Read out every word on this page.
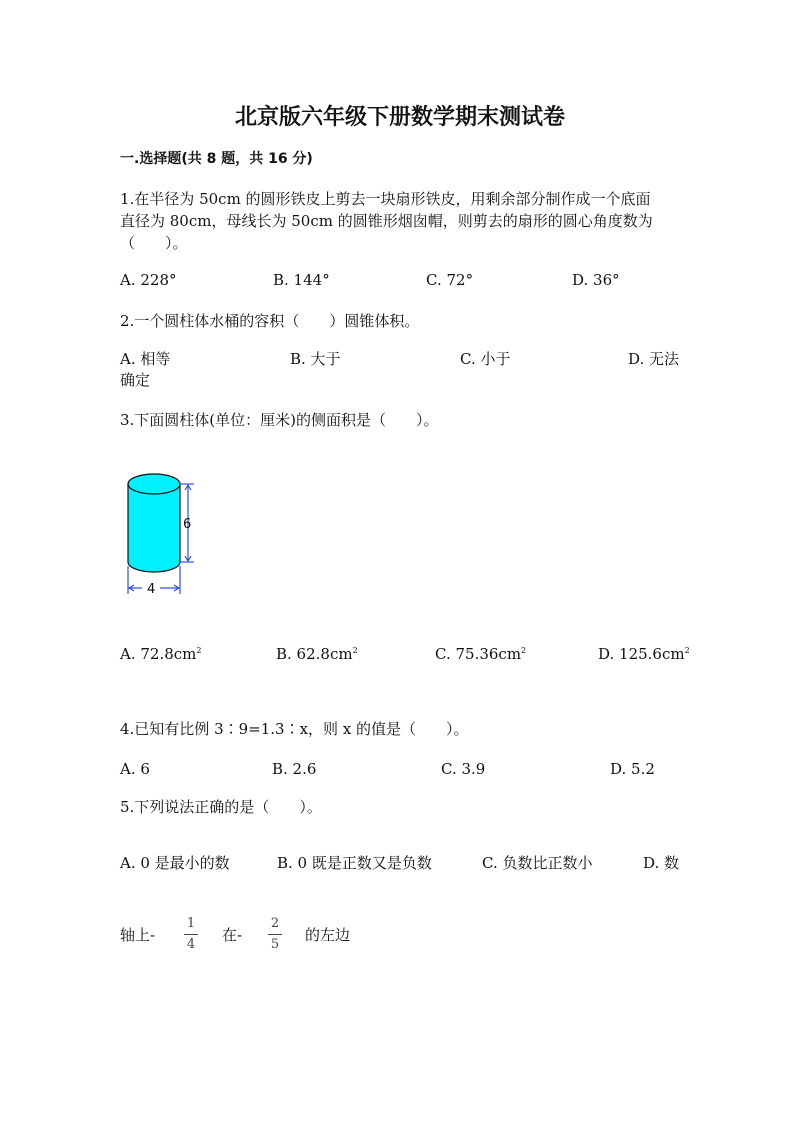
北京版六年级下册数学期末测试卷
一.选择题(共 8 题，共 16 分)
1.在半径为 50cm 的圆形铁皮上剪去一块扇形铁皮，用剩余部分制作成一个底面
直径为 80cm，母线长为 50cm 的圆锥形烟囱帽，则剪去的扇形的圆心角度数为
（　　）。
A. 228°	B. 144°	C. 72°	D. 36°
2.一个圆柱体水桶的容积（　　）圆锥体积。
A. 相等	B. 大于	C. 小于	D. 无法
确定
3.下面圆柱体(单位：厘米)的侧面积是（　　）。
6
4
A. $72.8cm^2$	B. $62.8cm^2$	C. $75.36cm^2$	D. $125.6cm^2$
4.已知有比例 3∶9=1.3∶x，则 x 的值是（　　）。
A. 6	B. 2.6	C. 3.9	D. 5.2
5.下列说法正确的是（　　）。
A. 0 是最小的数	B. 0 既是正数又是负数	C. 负数比正数小	D. 数
轴上-
1
4
在-
2
5
的左边
